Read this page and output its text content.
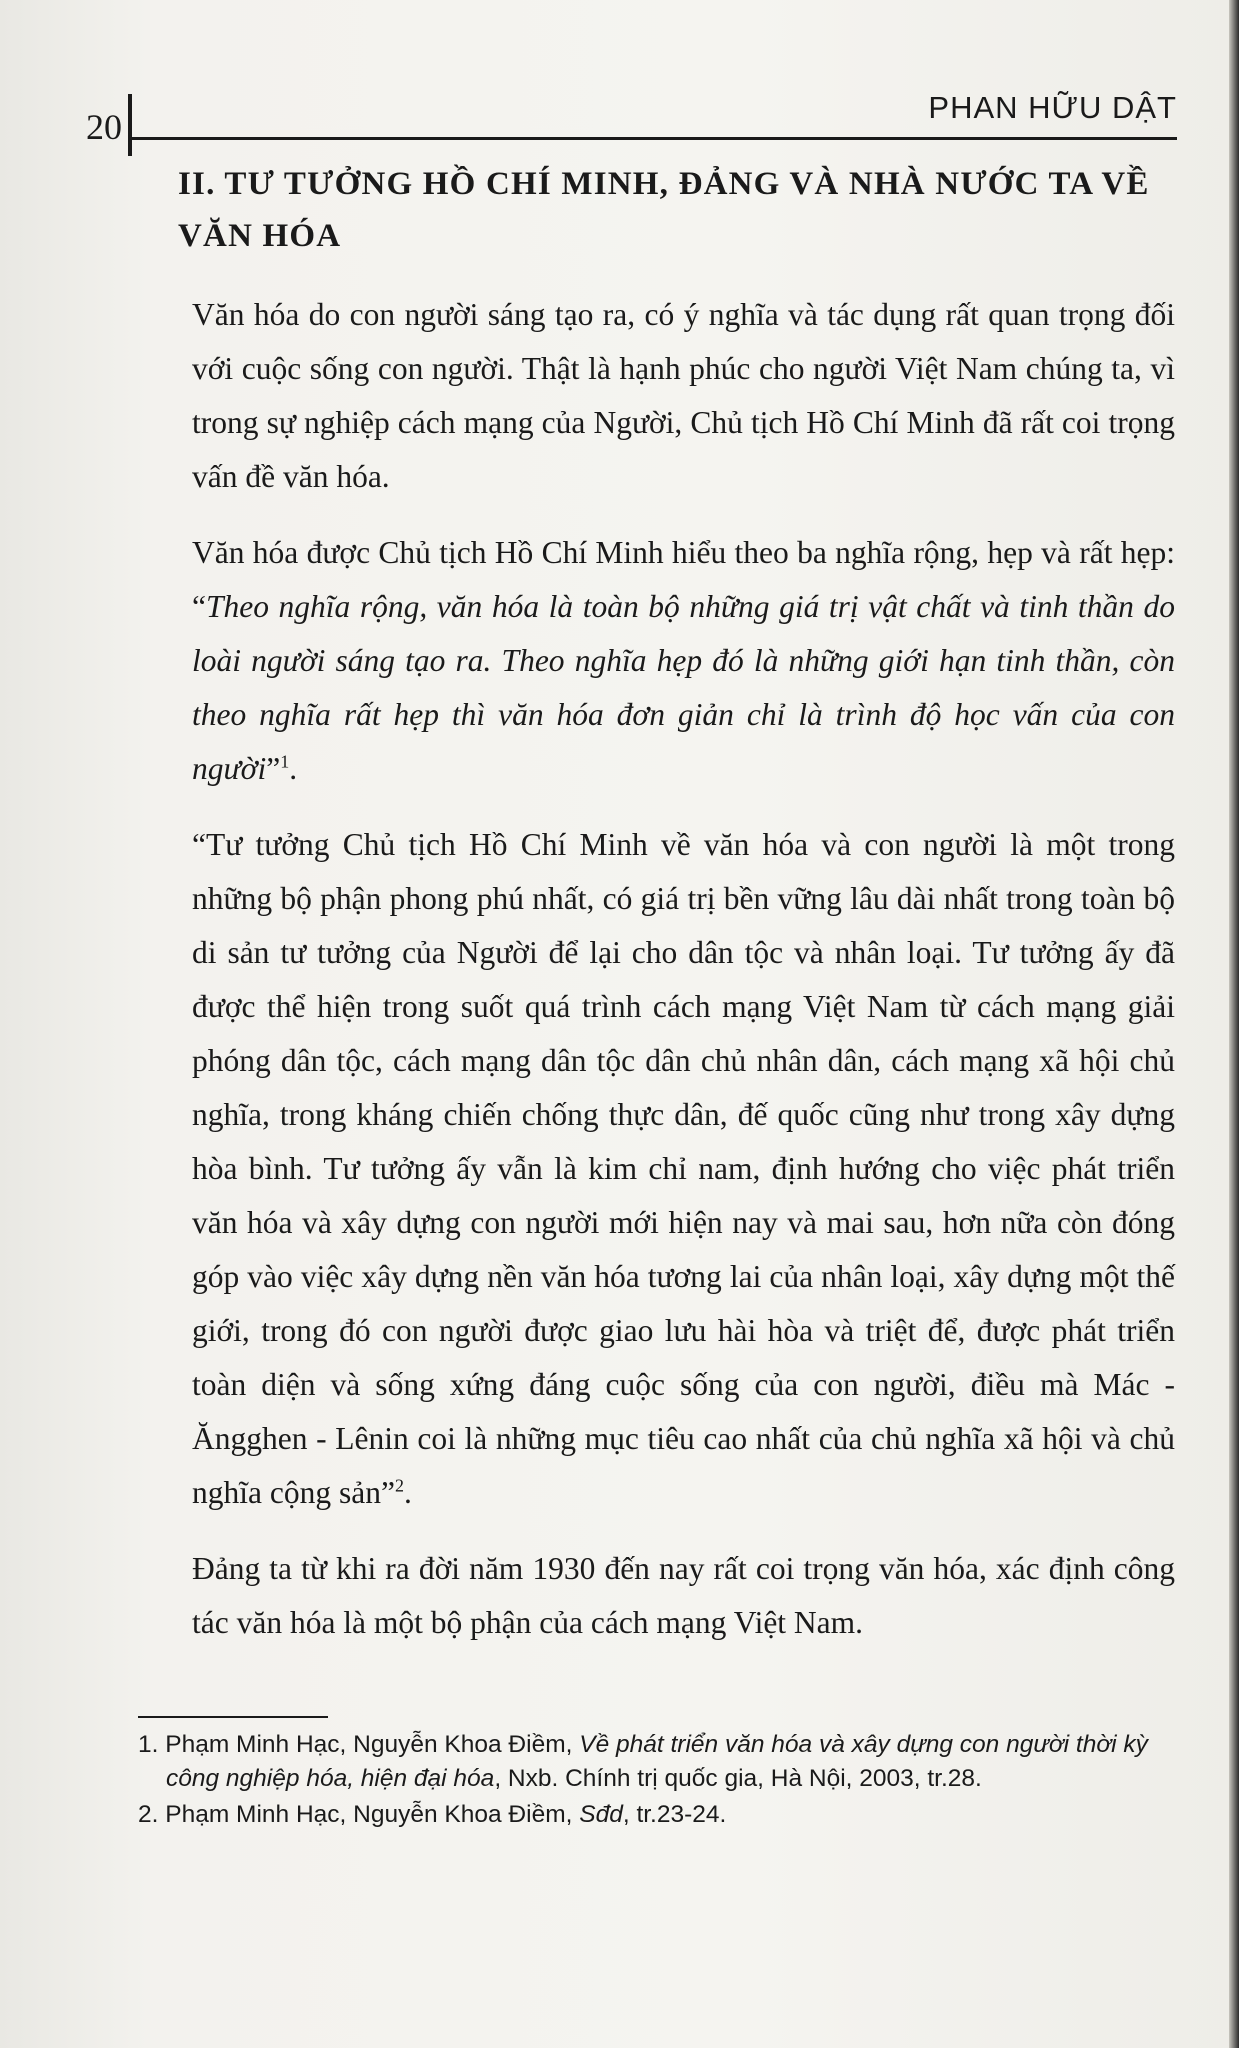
20	PHAN HỮU DẬT
II. TƯ TƯỞNG HỒ CHÍ MINH, ĐẢNG VÀ NHÀ NƯỚC TA VỀ VĂN HÓA

Văn hóa do con người sáng tạo ra, có ý nghĩa và tác dụng rất quan trọng đối với cuộc sống con người. Thật là hạnh phúc cho người Việt Nam chúng ta, vì trong sự nghiệp cách mạng của Người, Chủ tịch Hồ Chí Minh đã rất coi trọng vấn đề văn hóa.

Văn hóa được Chủ tịch Hồ Chí Minh hiểu theo ba nghĩa rộng, hẹp và rất hẹp: “Theo nghĩa rộng, văn hóa là toàn bộ những giá trị vật chất và tinh thần do loài người sáng tạo ra. Theo nghĩa hẹp đó là những giới hạn tinh thần, còn theo nghĩa rất hẹp thì văn hóa đơn giản chỉ là trình độ học vấn của con người”$^1$.

“Tư tưởng Chủ tịch Hồ Chí Minh về văn hóa và con người là một trong những bộ phận phong phú nhất, có giá trị bền vững lâu dài nhất trong toàn bộ di sản tư tưởng của Người để lại cho dân tộc và nhân loại. Tư tưởng ấy đã được thể hiện trong suốt quá trình cách mạng Việt Nam từ cách mạng giải phóng dân tộc, cách mạng dân tộc dân chủ nhân dân, cách mạng xã hội chủ nghĩa, trong kháng chiến chống thực dân, đế quốc cũng như trong xây dựng hòa bình. Tư tưởng ấy vẫn là kim chỉ nam, định hướng cho việc phát triển văn hóa và xây dựng con người mới hiện nay và mai sau, hơn nữa còn đóng góp vào việc xây dựng nền văn hóa tương lai của nhân loại, xây dựng một thế giới, trong đó con người được giao lưu hài hòa và triệt để, được phát triển toàn diện và sống xứng đáng cuộc sống của con người, điều mà Mác - Ăngghen - Lênin coi là những mục tiêu cao nhất của chủ nghĩa xã hội và chủ nghĩa cộng sản”$^2$.

Đảng ta từ khi ra đời năm 1930 đến nay rất coi trọng văn hóa, xác định công tác văn hóa là một bộ phận của cách mạng Việt Nam.

1. Phạm Minh Hạc, Nguyễn Khoa Điềm, Về phát triển văn hóa và xây dựng con người thời kỳ công nghiệp hóa, hiện đại hóa, Nxb. Chính trị quốc gia, Hà Nội, 2003, tr.28.

2. Phạm Minh Hạc, Nguyễn Khoa Điềm, Sđd, tr.23-24.
